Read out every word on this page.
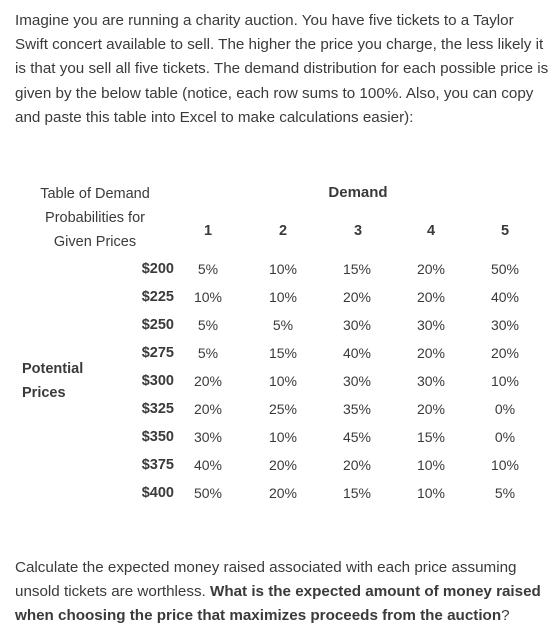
Imagine you are running a charity auction. You have five tickets to a Taylor Swift concert available to sell. The higher the price you charge, the less likely it is that you sell all five tickets. The demand distribution for each possible price is given by the below table (notice, each row sums to 100%. Also, you can copy and paste this table into Excel to make calculations easier):

Table of Demand
Probabilities for
Given Prices
Demand
1	2	3	4	5
Potential
Prices
$200	5%	10%	15%	20%	50%
$225	10%	10%	20%	20%	40%
$250	5%	5%	30%	30%	30%
$275	5%	15%	40%	20%	20%
$300	20%	10%	30%	30%	10%
$325	20%	25%	35%	20%	0%
$350	30%	10%	45%	15%	0%
$375	40%	20%	20%	10%	10%
$400	50%	20%	15%	10%	5%

Calculate the expected money raised associated with each price assuming unsold tickets are worthless. What is the expected amount of money raised when choosing the price that maximizes proceeds from the auction?
